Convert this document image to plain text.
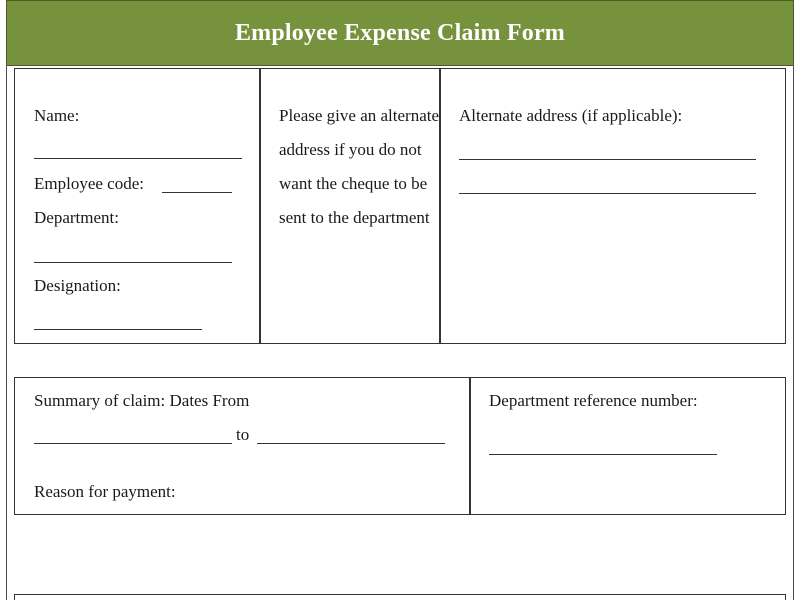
Employee Expense Claim Form
Name:
Employee code:
Department:
Designation:
Please give an alternate address if you do not want the cheque to be sent to the department
Alternate address (if applicable):
Summary of claim: Dates From
to
Reason for payment:
Department reference number:
